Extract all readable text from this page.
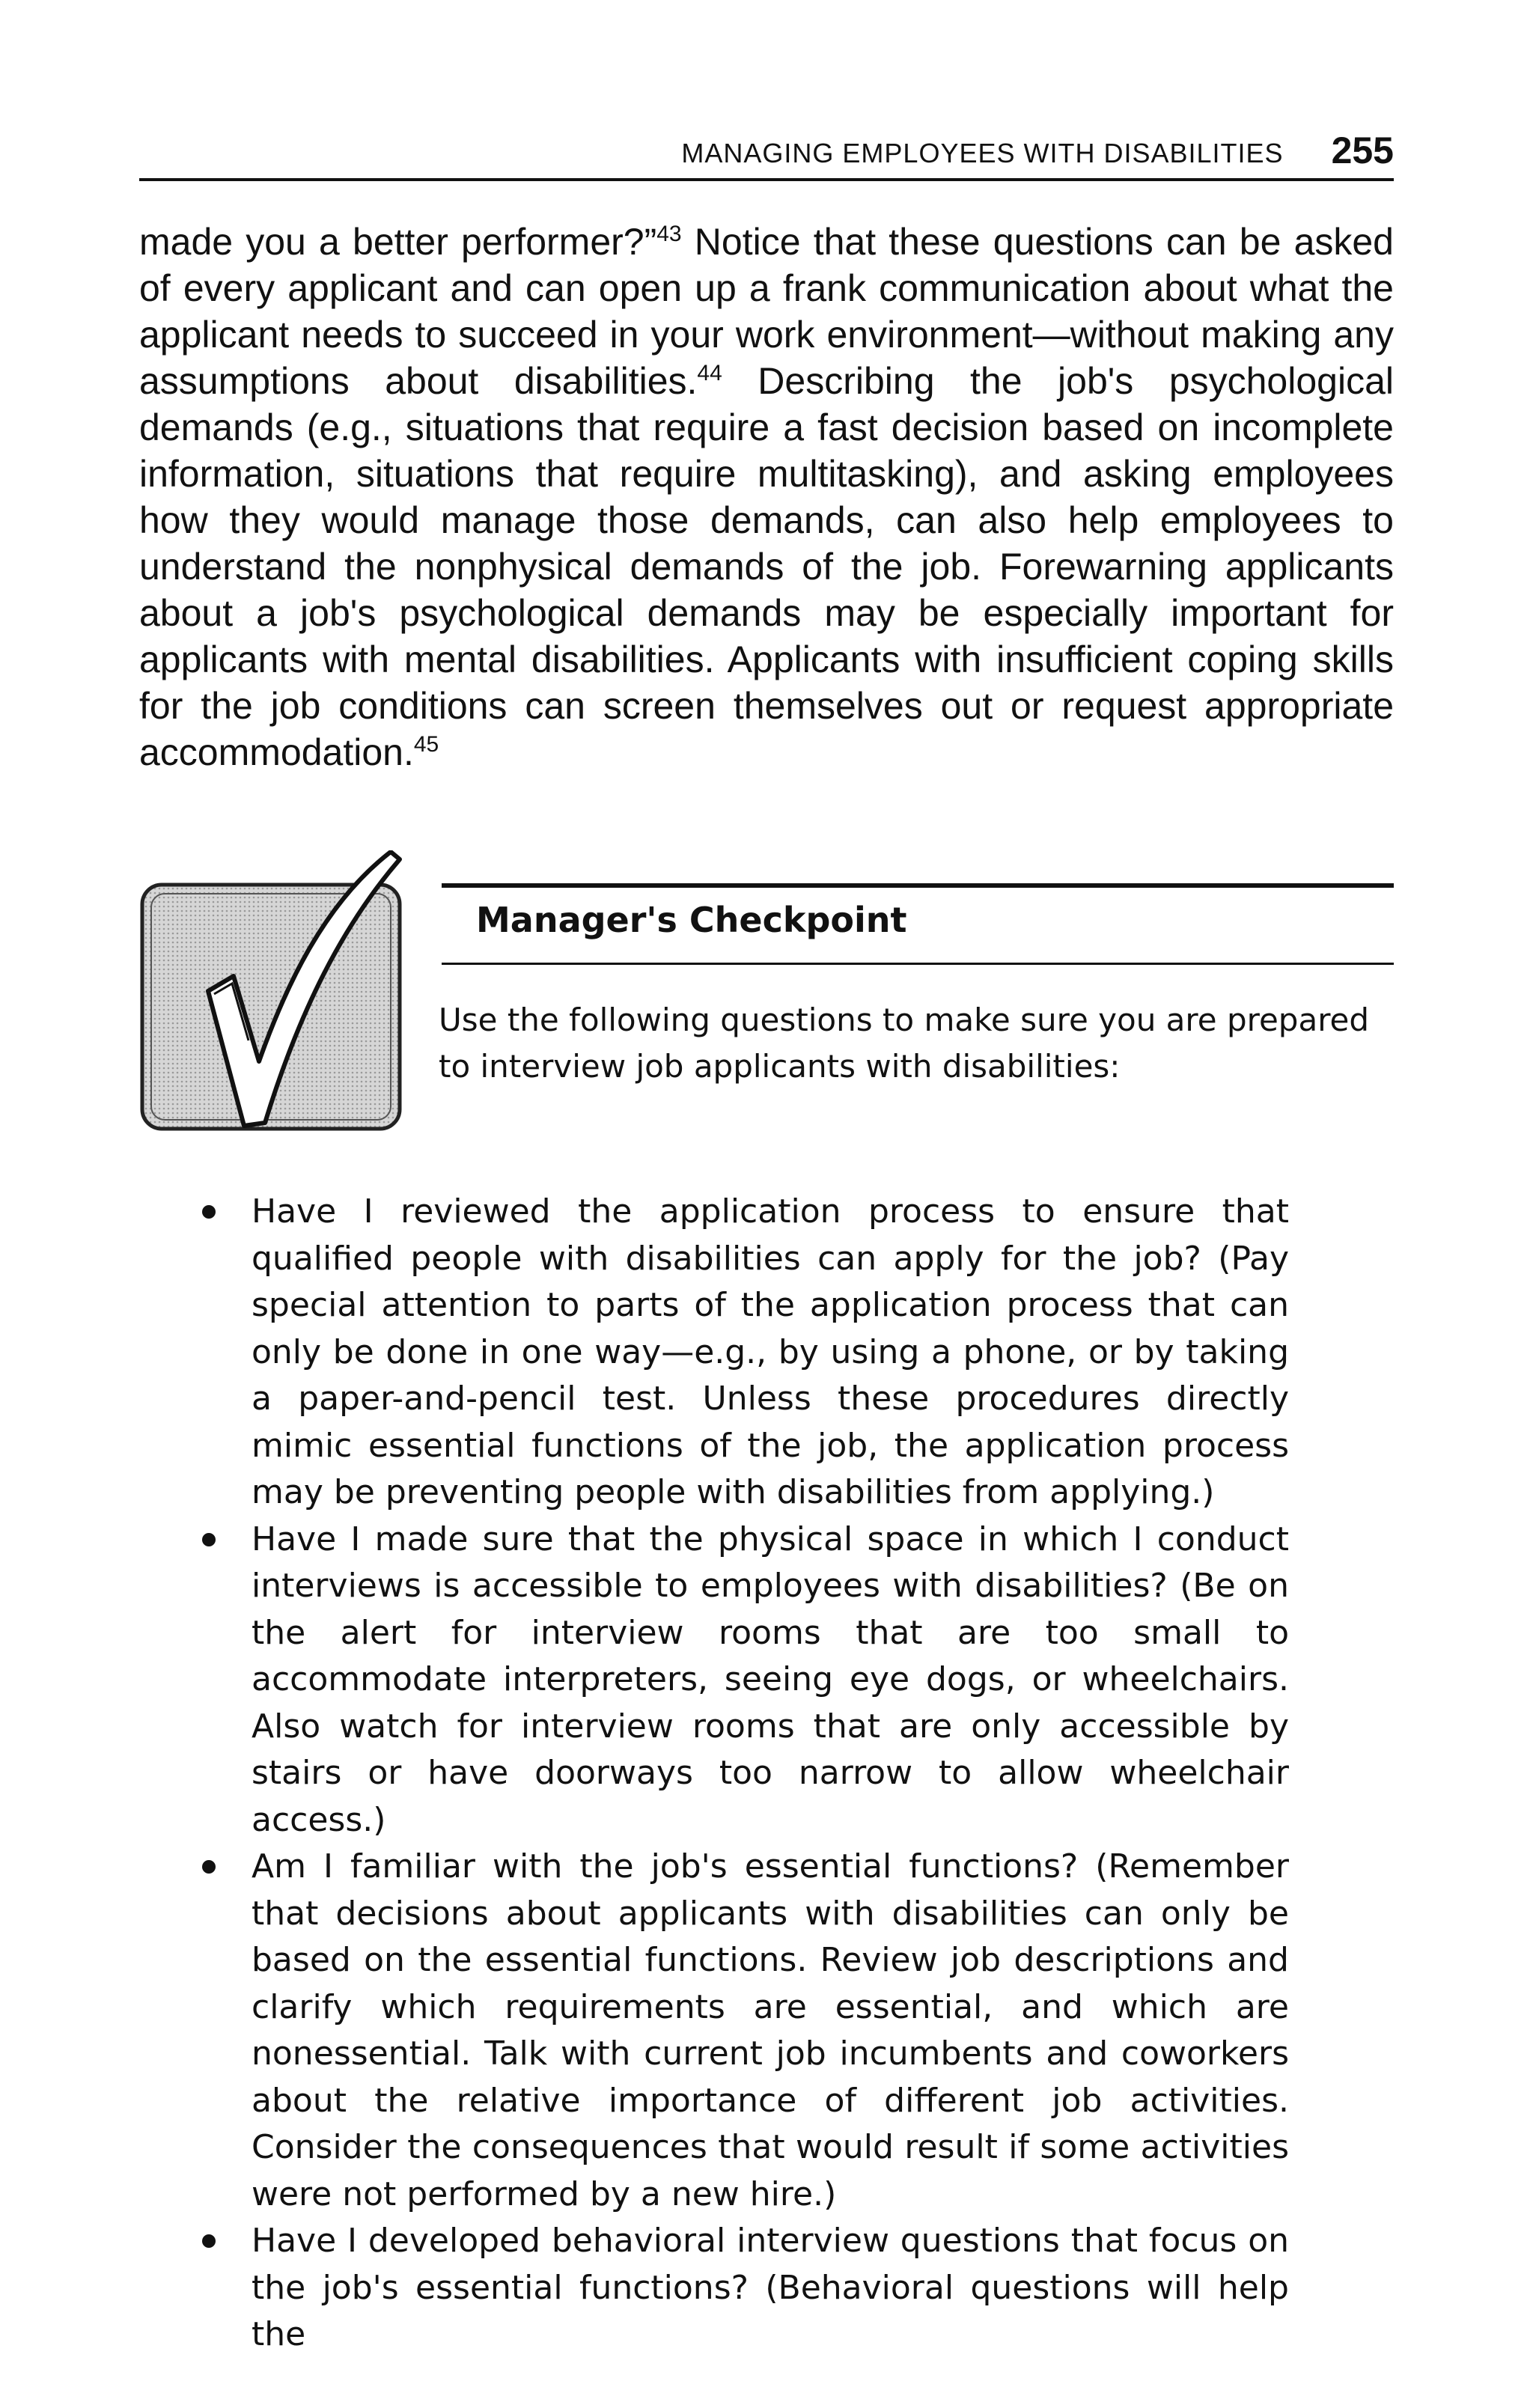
MANAGING EMPLOYEES WITH DISABILITIES 255

made you a better performer?”$^{43}$ Notice that these questions can be asked of every applicant and can open up a frank communication about what the applicant needs to succeed in your work environment—without making any assumptions about disabilities.$^{44}$ Describing the job's psychological demands (e.g., situations that require a fast decision based on incomplete information, situations that require multitasking), and asking employees how they would manage those demands, can also help employees to understand the nonphysical demands of the job. Forewarning applicants about a job's psychological demands may be especially important for applicants with mental disabilities. Applicants with insufficient coping skills for the job conditions can screen themselves out or request appropriate accommodation.$^{45}$

Manager's Checkpoint

Use the following questions to make sure you are prepared to interview job applicants with disabilities:

Have I reviewed the application process to ensure that qualified people with disabilities can apply for the job? (Pay special attention to parts of the application process that can only be done in one way—e.g., by using a phone, or by taking a paper-and-pencil test. Unless these procedures directly mimic essential functions of the job, the application process may be preventing people with disabilities from applying.)
Have I made sure that the physical space in which I conduct interviews is accessible to employees with disabilities? (Be on the alert for interview rooms that are too small to accommodate interpreters, seeing eye dogs, or wheelchairs. Also watch for interview rooms that are only accessible by stairs or have doorways too narrow to allow wheelchair access.)
Am I familiar with the job's essential functions? (Remember that decisions about applicants with disabilities can only be based on the essential functions. Review job descriptions and clarify which requirements are essential, and which are nonessential. Talk with current job incumbents and coworkers about the relative importance of different job activities. Consider the consequences that would result if some activities were not performed by a new hire.)
Have I developed behavioral interview questions that focus on the job's essential functions? (Behavioral questions will help the
